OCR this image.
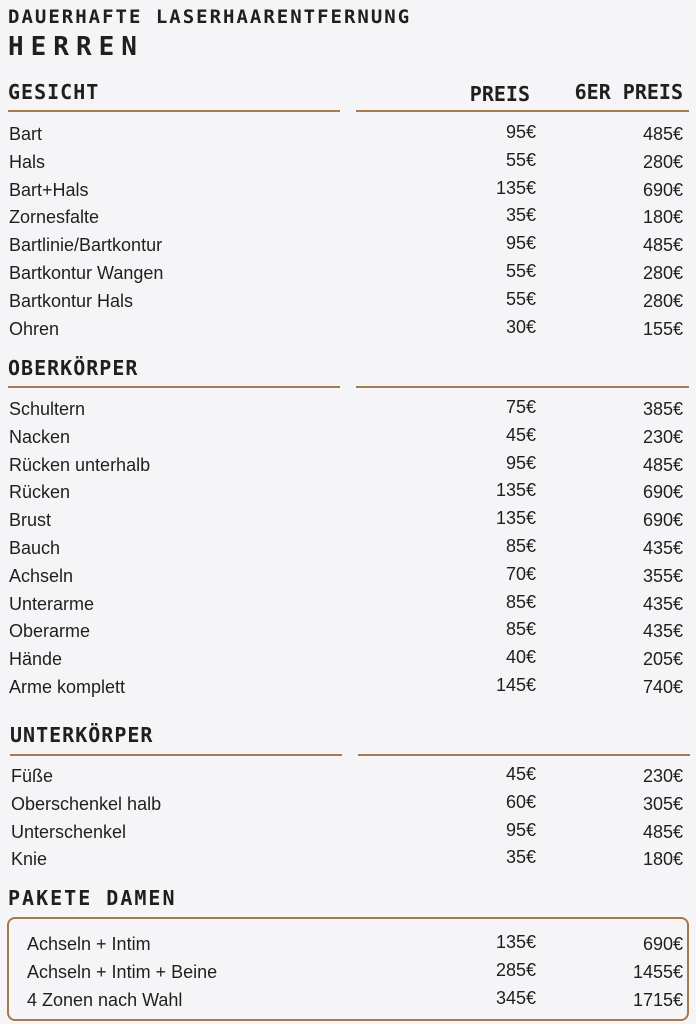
DAUERHAFTE LASERHAARENTFERNUNG
HERREN
GESICHT	PREIS 6ER PREIS
Bart	95€	485€
Hals	55€	280€
Bart+Hals	135€	690€
Zornesfalte	35€	180€
Bartlinie/Bartkontur	95€	485€
Bartkontur Wangen	55€	280€
Bartkontur Hals	55€	280€
Ohren	30€	155€
OBERKÖRPER
Schultern	75€	385€
Nacken	45€	230€
Rücken unterhalb	95€	485€
Rücken	135€	690€
Brust	135€	690€
Bauch	85€	435€
Achseln	70€	355€
Unterarme	85€	435€
Oberarme	85€	435€
Hände	40€	205€
Arme komplett	145€	740€
UNTERKÖRPER
Füße	45€	230€
Oberschenkel halb	60€	305€
Unterschenkel	95€	485€
Knie	35€	180€
PAKETE DAMEN
Achseln + Intim	135€	690€
Achseln + Intim + Beine	285€	1455€
4 Zonen nach Wahl	345€	1715€
